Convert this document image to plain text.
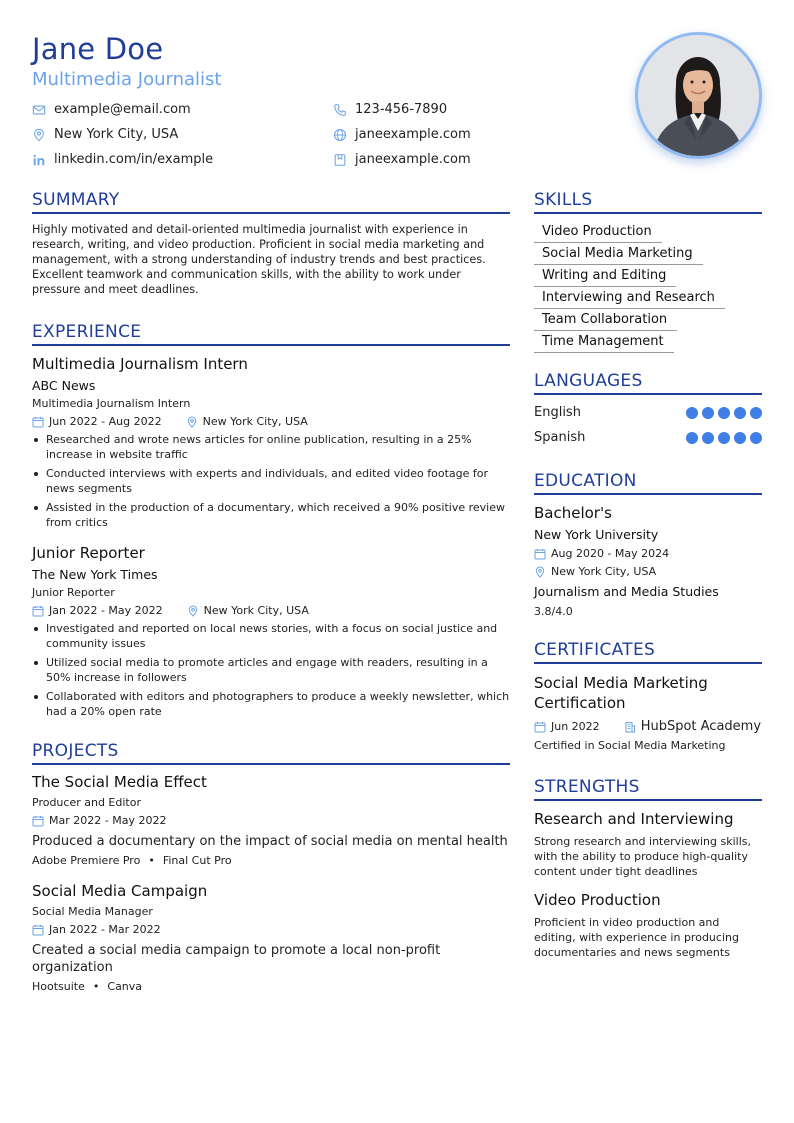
Jane Doe
Multimedia Journalist
example@email.com	123-456-7890
New York City, USA	janeexample.com
linkedin.com/in/example	janeexample.com
SUMMARY
Highly motivated and detail-oriented multimedia journalist with experience in research, writing, and video production. Proficient in social media marketing and management, with a strong understanding of industry trends and best practices. Excellent teamwork and communication skills, with the ability to work under pressure and meet deadlines.
EXPERIENCE
Multimedia Journalism Intern
ABC News
Multimedia Journalism Intern
Jun 2022 - Aug 2022	New York City, USA
Researched and wrote news articles for online publication, resulting in a 25% increase in website traffic
Conducted interviews with experts and individuals, and edited video footage for news segments
Assisted in the production of a documentary, which received a 90% positive review from critics
Junior Reporter
The New York Times
Junior Reporter
Jan 2022 - May 2022	New York City, USA
Investigated and reported on local news stories, with a focus on social justice and community issues
Utilized social media to promote articles and engage with readers, resulting in a 50% increase in followers
Collaborated with editors and photographers to produce a weekly newsletter, which had a 20% open rate
PROJECTS
The Social Media Effect
Producer and Editor
Mar 2022 - May 2022
Produced a documentary on the impact of social media on mental health
Adobe Premiere Pro • Final Cut Pro
Social Media Campaign
Social Media Manager
Jan 2022 - Mar 2022
Created a social media campaign to promote a local non-profit organization
Hootsuite • Canva
SKILLS
Video Production
Social Media Marketing
Writing and Editing
Interviewing and Research
Team Collaboration
Time Management
LANGUAGES
English
Spanish
EDUCATION
Bachelor's
New York University
Aug 2020 - May 2024
New York City, USA
Journalism and Media Studies
3.8/4.0
CERTIFICATES
Social Media Marketing Certification
Jun 2022	HubSpot Academy
Certified in Social Media Marketing
STRENGTHS
Research and Interviewing
Strong research and interviewing skills, with the ability to produce high-quality content under tight deadlines
Video Production
Proficient in video production and editing, with experience in producing documentaries and news segments
